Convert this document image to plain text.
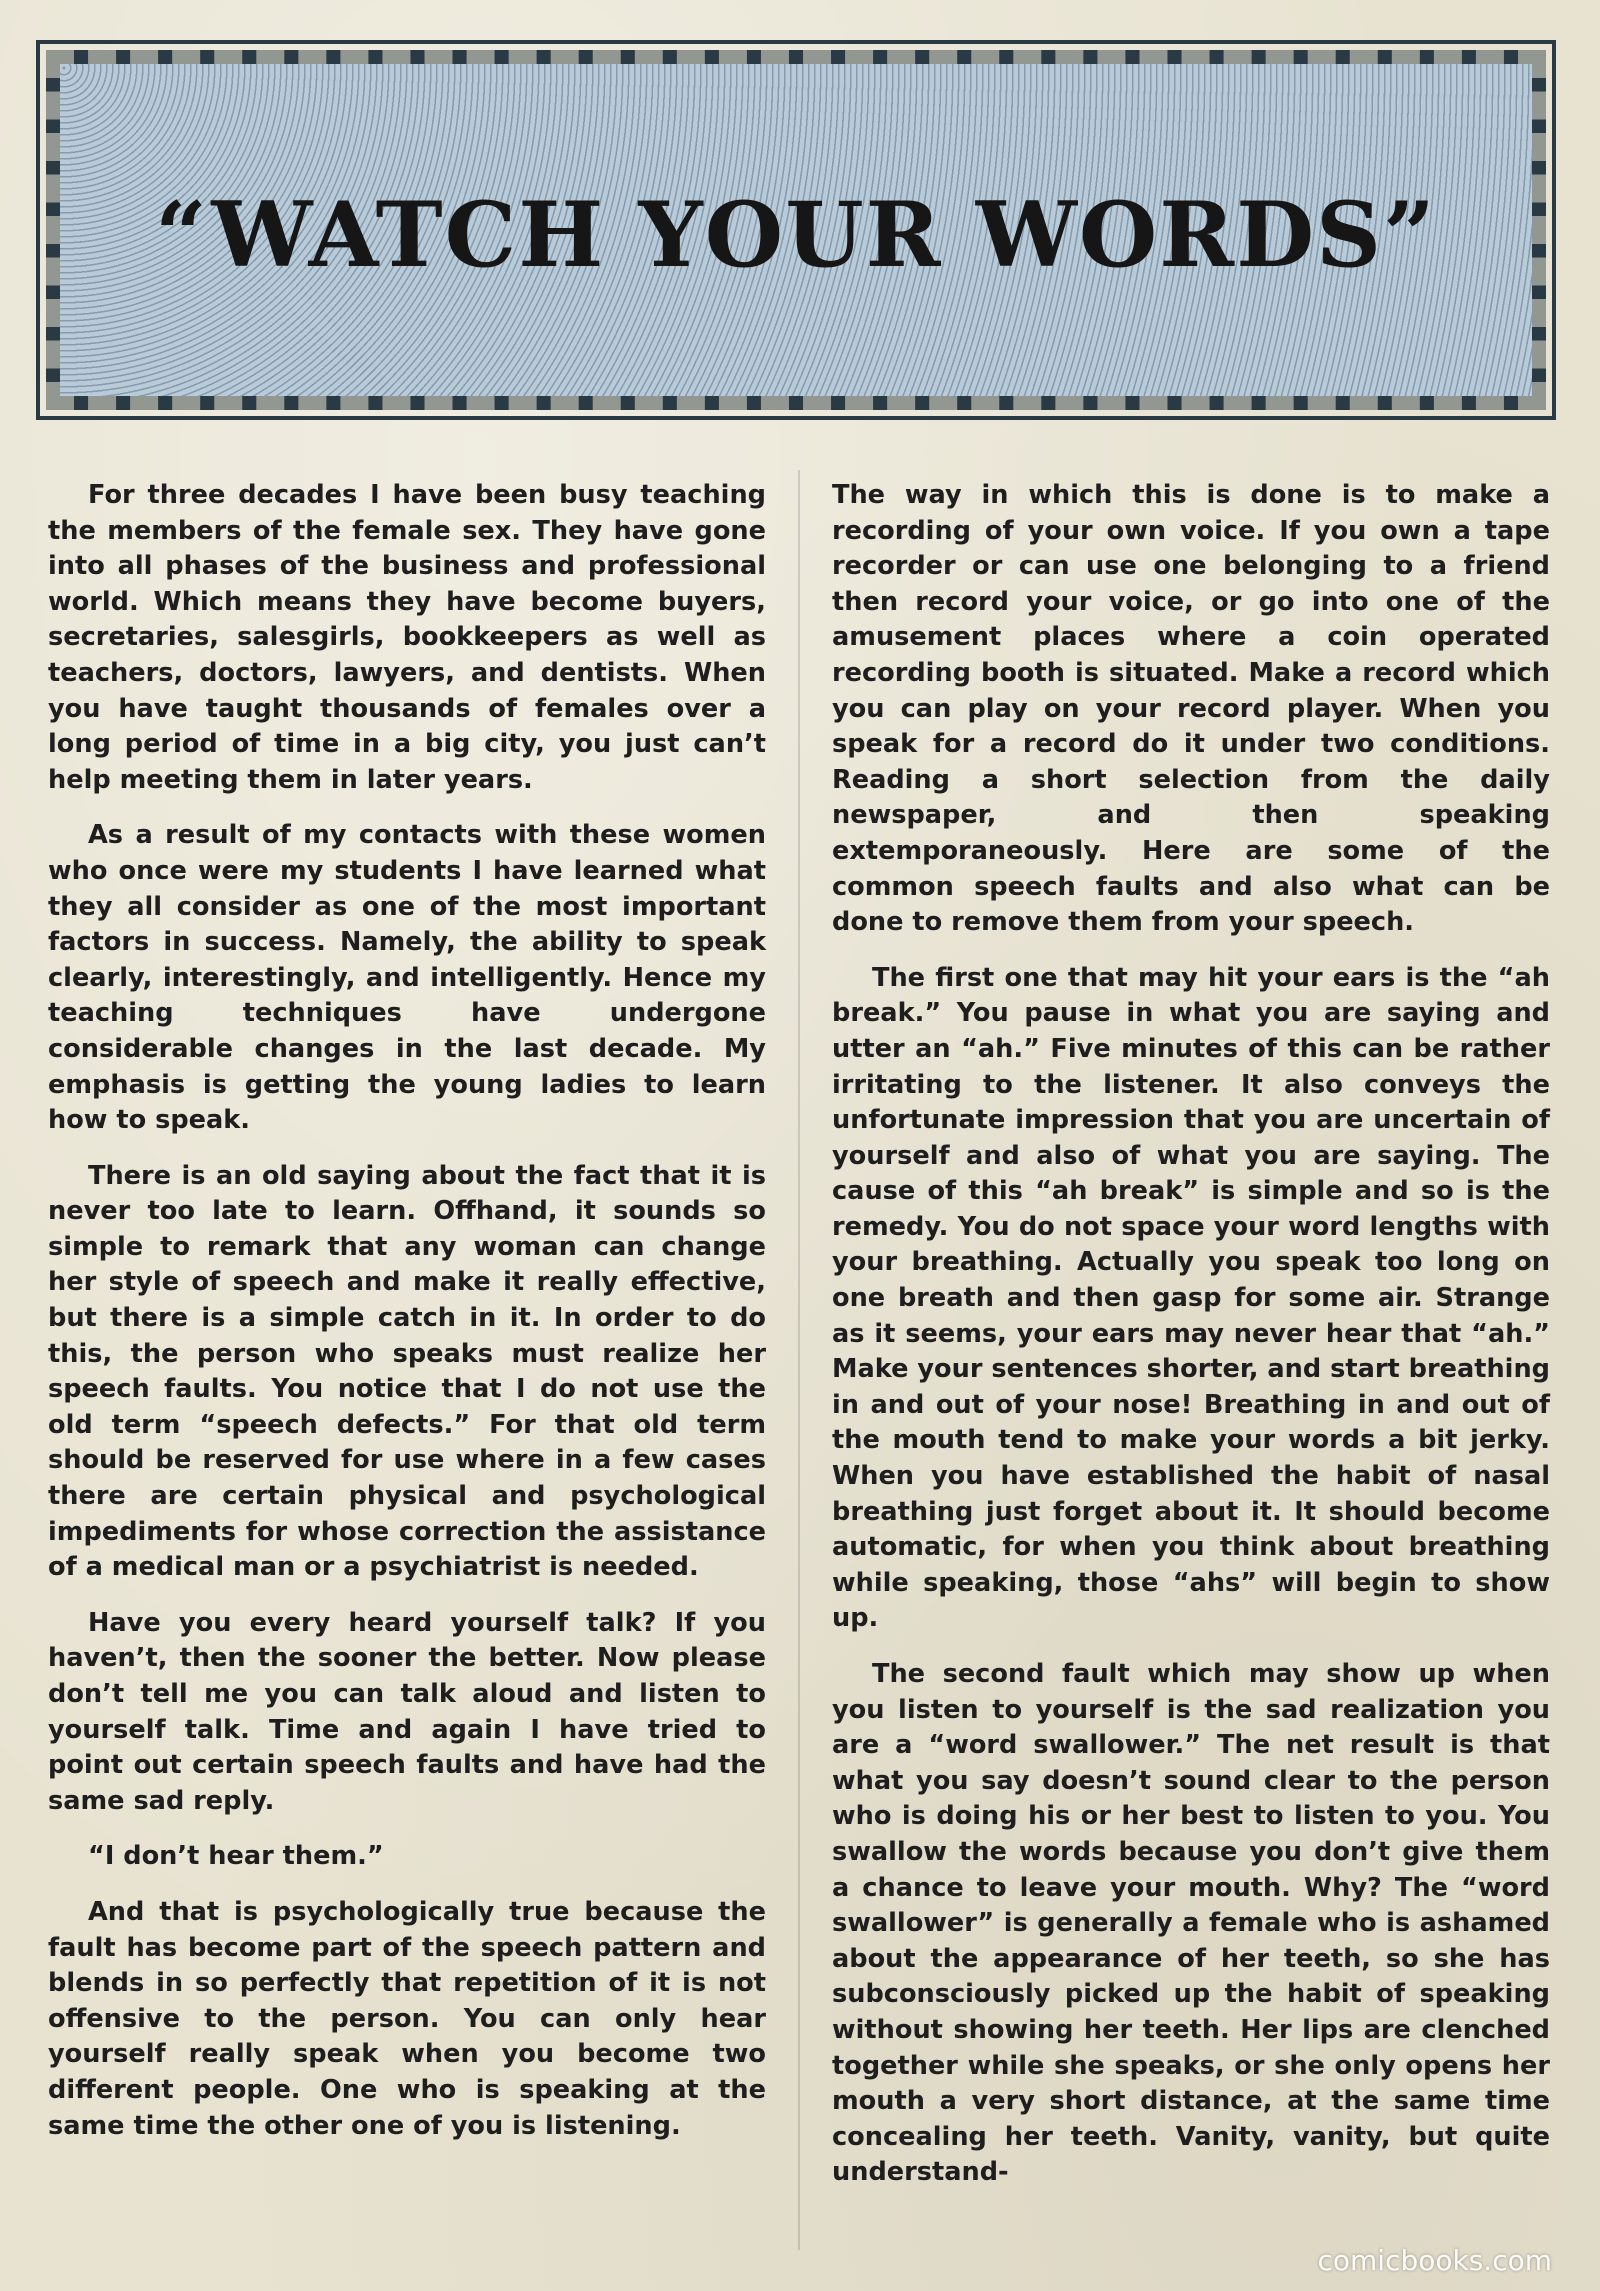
“WATCH YOUR WORDS”

For three decades I have been busy teaching the members of the female sex. They have gone into all phases of the business and professional world. Which means they have become buyers, secretaries, salesgirls, bookkeepers as well as teachers, doctors, lawyers, and dentists. When you have taught thousands of females over a long period of time in a big city, you just can’t help meeting them in later years.

As a result of my contacts with these women who once were my students I have learned what they all consider as one of the most important factors in success. Namely, the ability to speak clearly, interestingly, and intelligently. Hence my teaching techniques have undergone considerable changes in the last decade. My emphasis is getting the young ladies to learn how to speak.

There is an old saying about the fact that it is never too late to learn. Offhand, it sounds so simple to remark that any woman can change her style of speech and make it really effective, but there is a simple catch in it. In order to do this, the person who speaks must realize her speech faults. You notice that I do not use the old term “speech defects.” For that old term should be reserved for use where in a few cases there are certain physical and psychological impediments for whose correction the assistance of a medical man or a psychiatrist is needed.

Have you every heard yourself talk? If you haven’t, then the sooner the better. Now please don’t tell me you can talk aloud and listen to yourself talk. Time and again I have tried to point out certain speech faults and have had the same sad reply.

“I don’t hear them.”

And that is psychologically true because the fault has become part of the speech pattern and blends in so perfectly that repetition of it is not offensive to the person. You can only hear yourself really speak when you become two different people. One who is speaking at the same time the other one of you is listening.

The way in which this is done is to make a recording of your own voice. If you own a tape recorder or can use one belonging to a friend then record your voice, or go into one of the amusement places where a coin operated recording booth is situated. Make a record which you can play on your record player. When you speak for a record do it under two conditions. Reading a short selection from the daily newspaper, and then speaking extemporaneously. Here are some of the common speech faults and also what can be done to remove them from your speech.

The first one that may hit your ears is the “ah break.” You pause in what you are saying and utter an “ah.” Five minutes of this can be rather irritating to the listener. It also conveys the unfortunate impression that you are uncertain of yourself and also of what you are saying. The cause of this “ah break” is simple and so is the remedy. You do not space your word lengths with your breathing. Actually you speak too long on one breath and then gasp for some air. Strange as it seems, your ears may never hear that “ah.” Make your sentences shorter, and start breathing in and out of your nose! Breathing in and out of the mouth tend to make your words a bit jerky. When you have established the habit of nasal breathing just forget about it. It should become automatic, for when you think about breathing while speaking, those “ahs” will begin to show up.

The second fault which may show up when you listen to yourself is the sad realization you are a “word swallower.” The net result is that what you say doesn’t sound clear to the person who is doing his or her best to listen to you. You swallow the words because you don’t give them a chance to leave your mouth. Why? The “word swallower” is generally a female who is ashamed about the appearance of her teeth, so she has subconsciously picked up the habit of speaking without showing her teeth. Her lips are clenched together while she speaks, or she only opens her mouth a very short distance, at the same time concealing her teeth. Vanity, vanity, but quite understand-

comicbooks.com
